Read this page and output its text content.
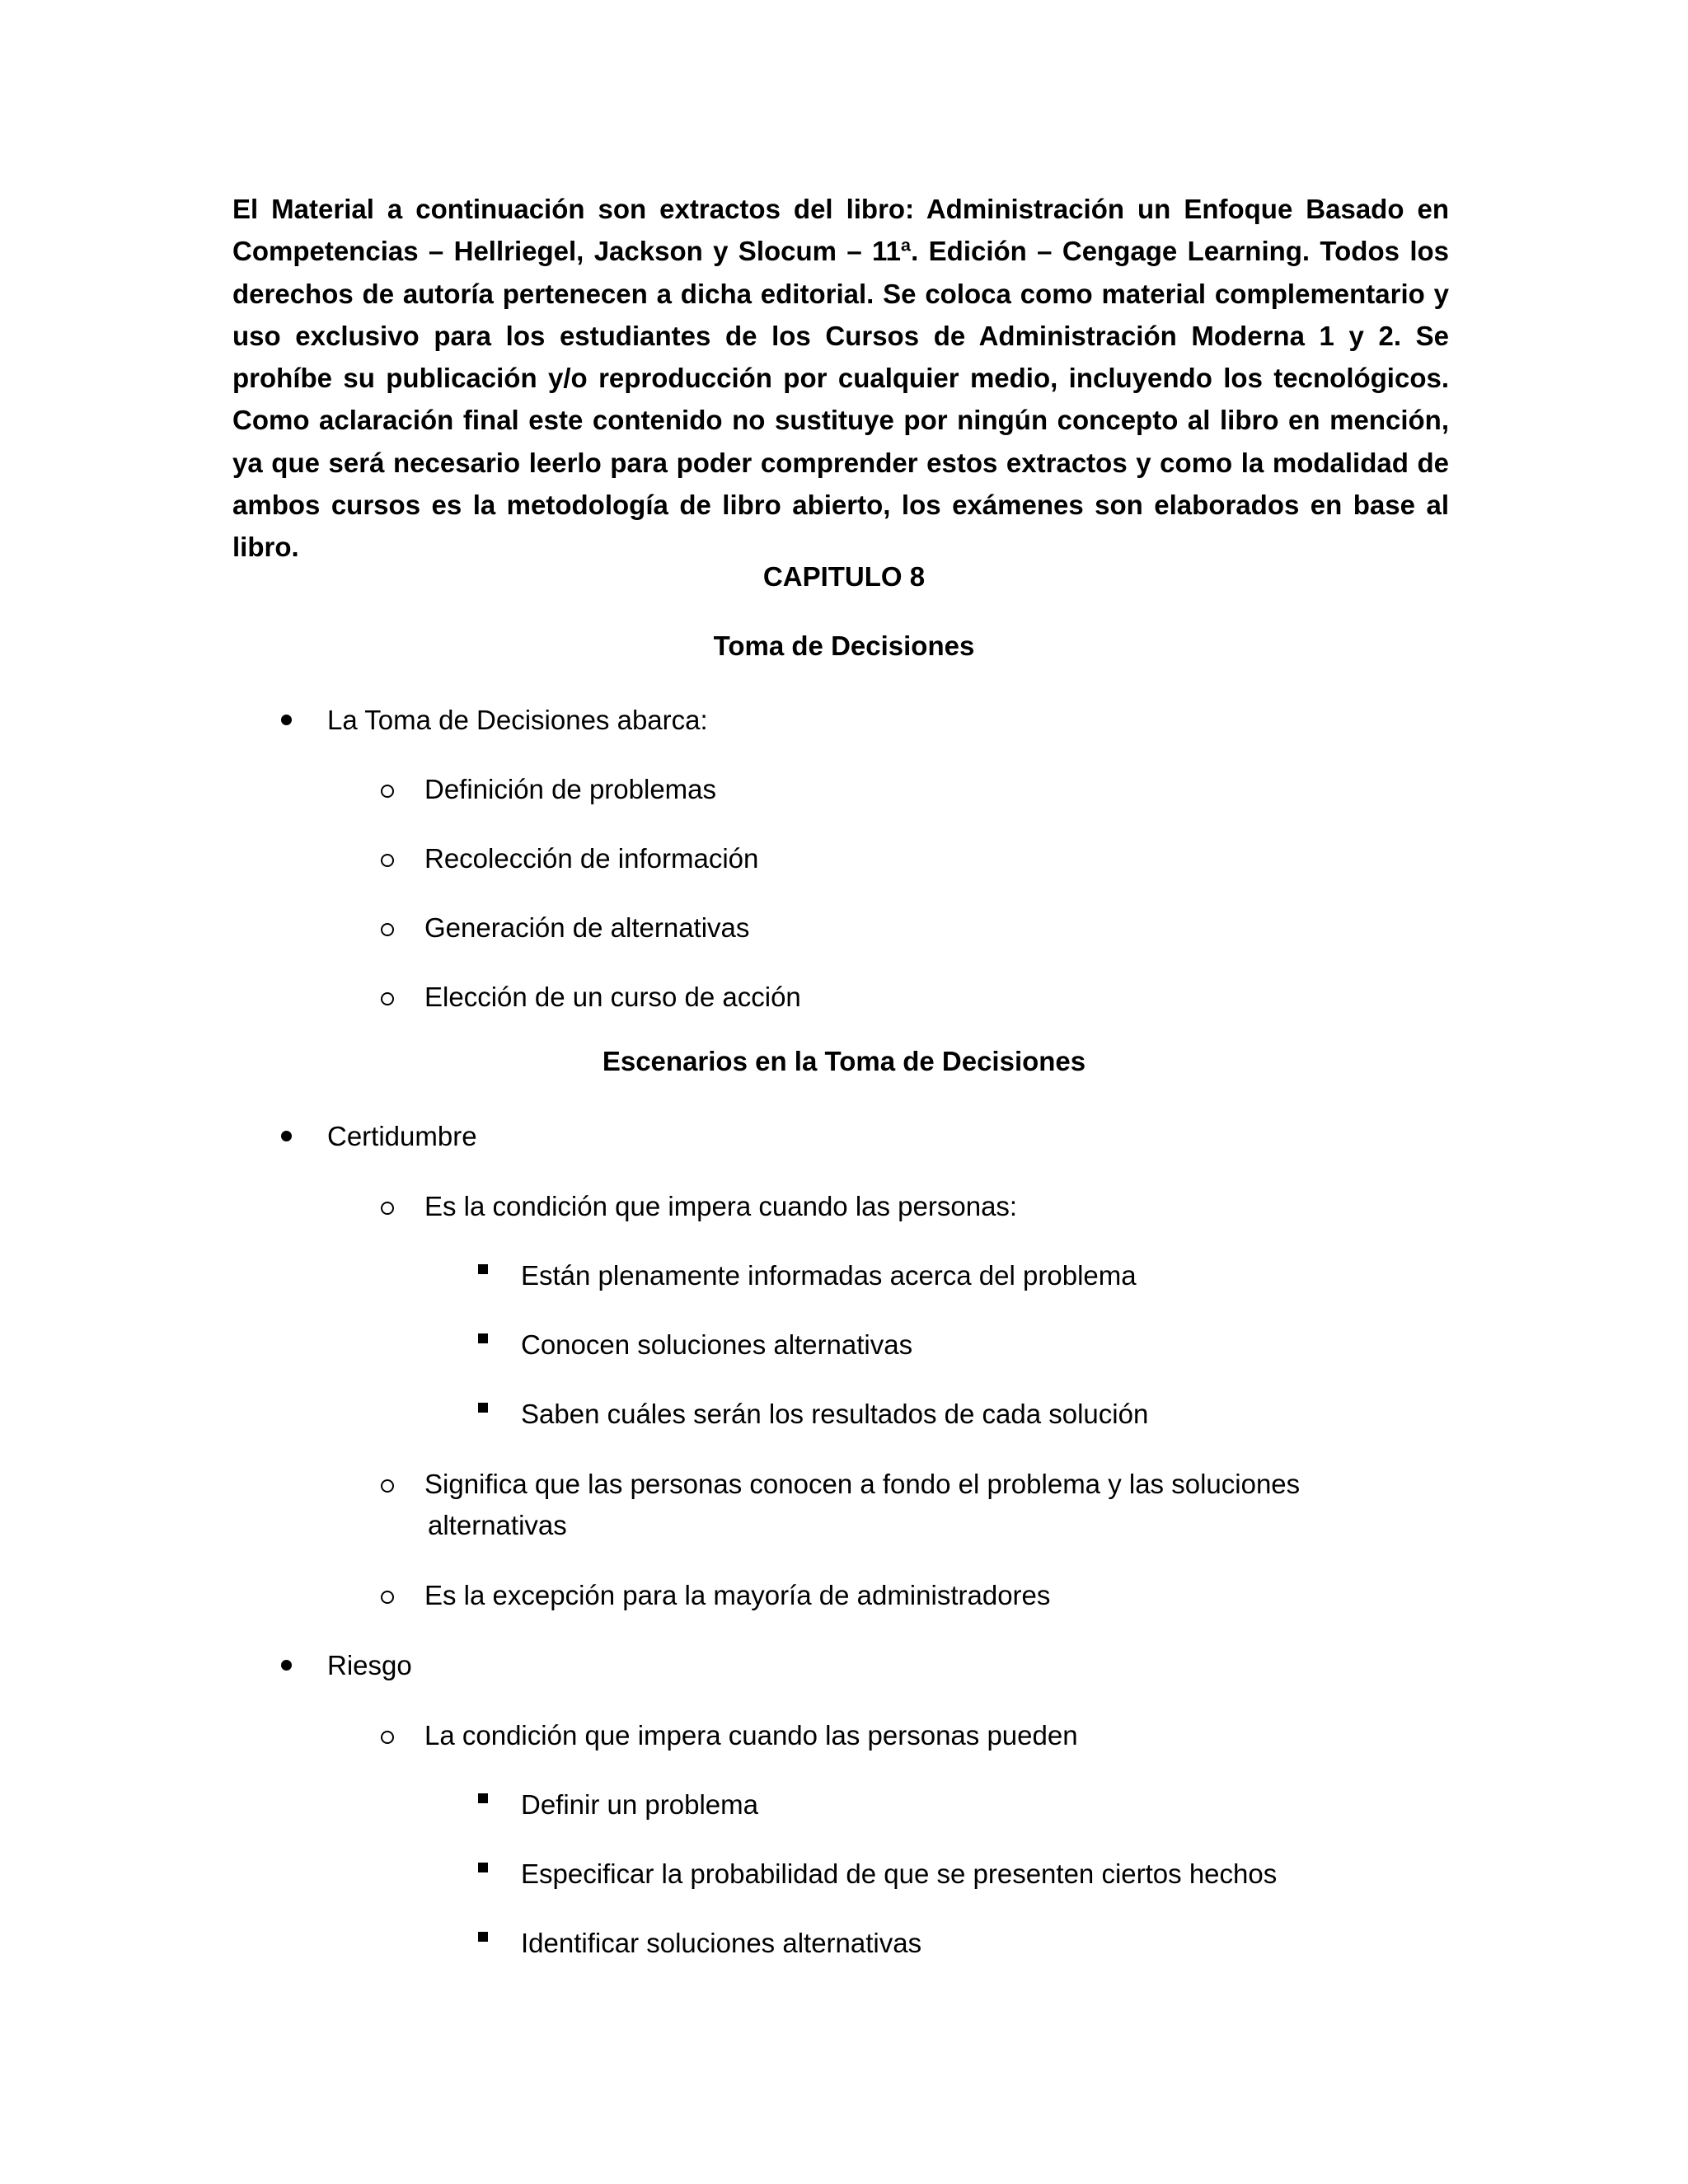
El Material a continuación son extractos del libro: Administración un Enfoque Basado en Competencias – Hellriegel, Jackson y Slocum – 11ª. Edición – Cengage Learning. Todos los derechos de autoría pertenecen a dicha editorial. Se coloca como material complementario y uso exclusivo para los estudiantes de los Cursos de Administración Moderna 1 y 2. Se prohíbe su publicación y/o reproducción por cualquier medio, incluyendo los tecnológicos. Como aclaración final este contenido no sustituye por ningún concepto al libro en mención, ya que será necesario leerlo para poder comprender estos extractos y como la modalidad de ambos cursos es la metodología de libro abierto, los exámenes son elaborados en base al libro.

CAPITULO 8

Toma de Decisiones

La Toma de Decisiones abarca:
Definición de problemas
Recolección de información
Generación de alternativas
Elección de un curso de acción

Escenarios en la Toma de Decisiones

Certidumbre
Es la condición que impera cuando las personas:
Están plenamente informadas acerca del problema
Conocen soluciones alternativas
Saben cuáles serán los resultados de cada solución
Significa que las personas conocen a fondo el problema y las soluciones
alternativas
Es la excepción para la mayoría de administradores
Riesgo
La condición que impera cuando las personas pueden
Definir un problema
Especificar la probabilidad de que se presenten ciertos hechos
Identificar soluciones alternativas
